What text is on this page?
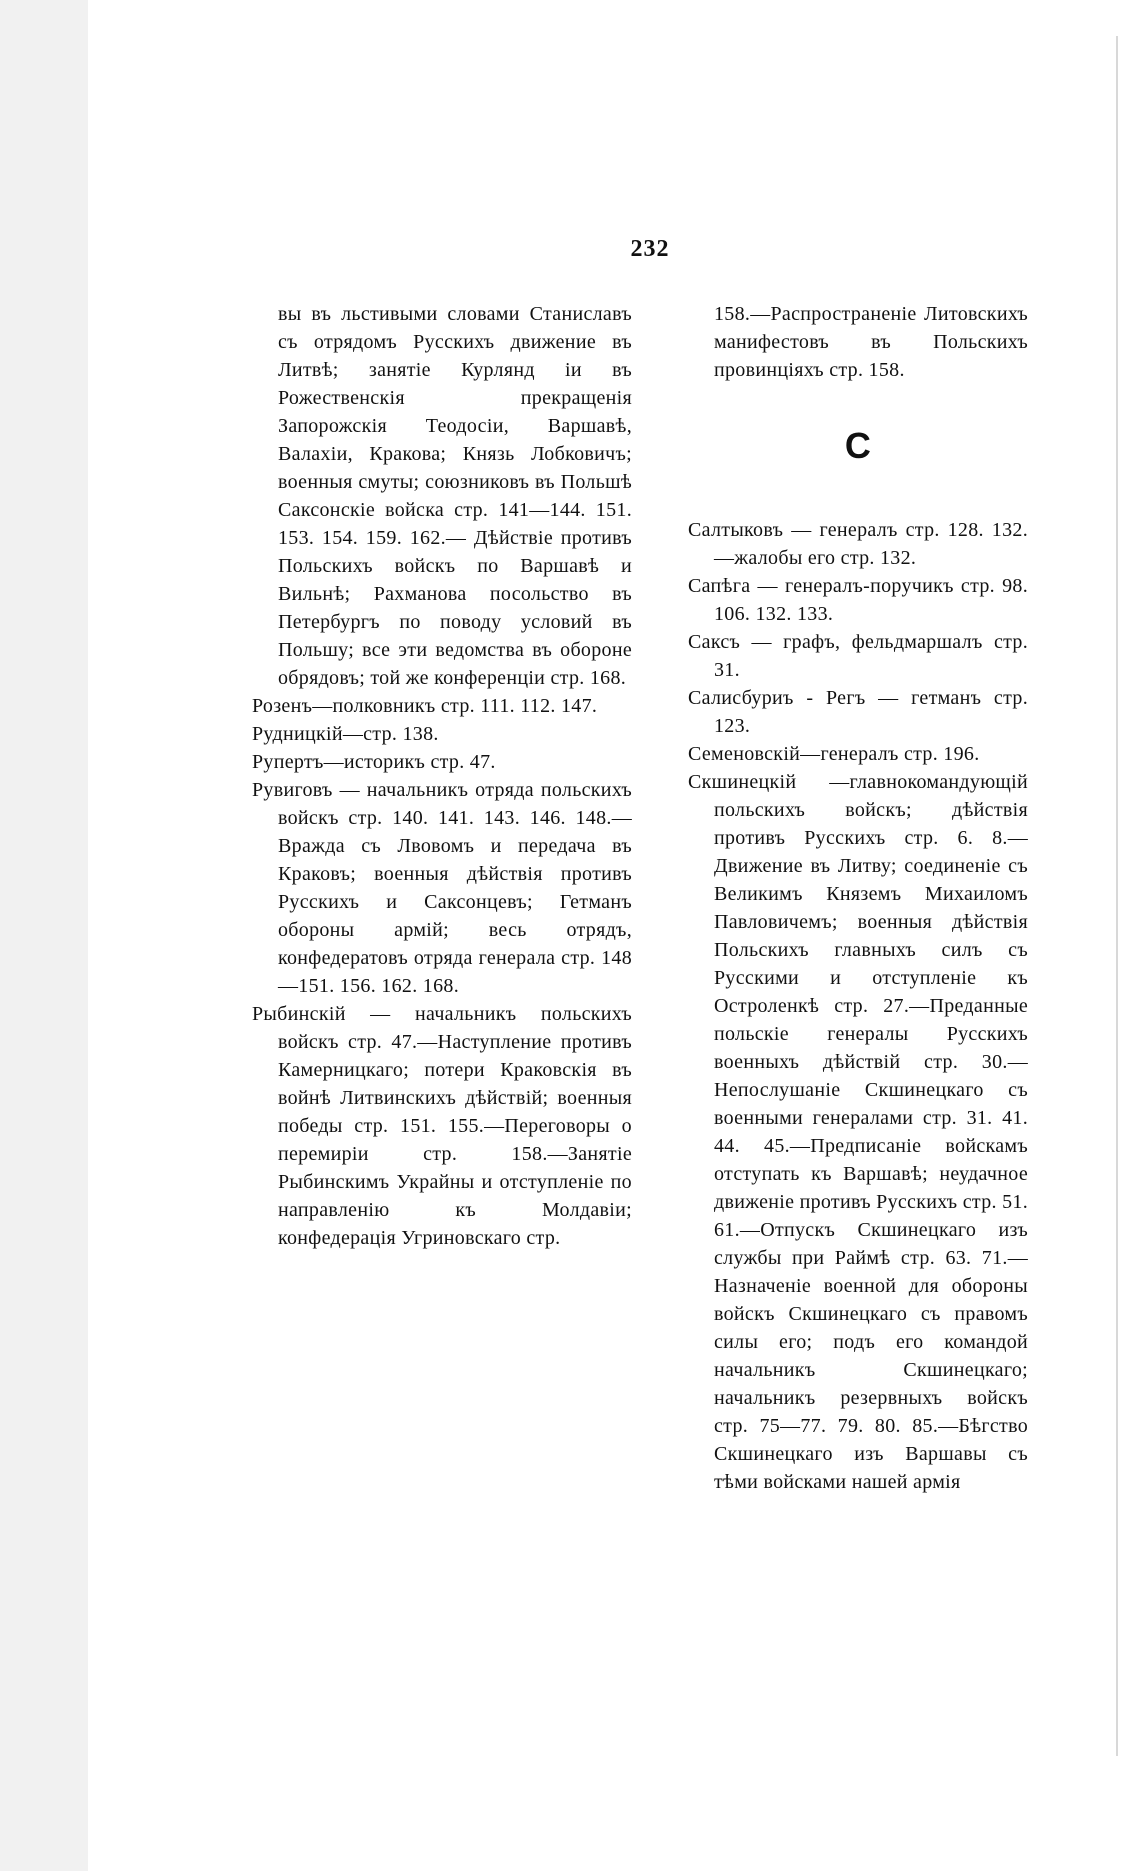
232
вы въ льстивыми словами Станиславъ съ отрядомъ Русскихъ движение въ Литвѣ; занятіе Курлянд іи въ Рожественскія прекращенія Запорожскія Теодосіи, Варшавѣ, Валахіи, Кракова; Князь Лобковичъ; военныя смуты; союзниковъ въ Польшѣ Саксонскіе войска стр. 141—144. 151. 153. 154. 159. 162.— Дѣйствіе противъ Польскихъ войскъ по Варшавѣ и Вильнѣ; Рахманова посольство въ Петербургъ по поводу условий въ Польшу; все эти ведомства въ обороне обрядовъ; той же конференціи стр. 168.
Розенъ—полковникъ стр. 111. 112. 147.
Рудницкій—стр. 138.
Рупертъ—историкъ стр. 47.
Рувиговъ — начальникъ отряда польскихъ войскъ стр. 140. 141. 143. 146. 148.—Вражда съ Лвовомъ и передача въ Краковъ; военныя дѣйствія противъ Русскихъ и Саксонцевъ; Гетманъ обороны армій; весь отрядъ, конфедератовъ отряда генерала стр. 148—151. 156. 162. 168.
Рыбинскій — начальникъ польскихъ войскъ стр. 47.—Наступление противъ Камерницкаго; потери Краковскія въ войнѣ Литвинскихъ дѣйствій; военныя победы стр. 151. 155.—Переговоры о перемиріи стр. 158.—Занятіе Рыбинскимъ Украйны и отступленіе по направленію къ Молдавіи; конфедерація Угриновскаго стр.
158.—Распространеніе Литовскихъ манифестовъ въ Польскихъ провинціяхъ стр. 158.
С
Салтыковъ — генералъ стр. 128. 132.—жалобы его стр. 132.
Сапѣга — генералъ-поручикъ стр. 98. 106. 132. 133.
Саксъ — графъ, фельдмаршалъ стр. 31.
Салисбуриъ - Регъ — гетманъ стр. 123.
Семеновскій—генералъ стр. 196.
Скшинецкій —главнокомандующій польскихъ войскъ; дѣйствія противъ Русскихъ стр. 6. 8.—Движение въ Литву; соединеніе съ Великимъ Княземъ Михаиломъ Павловичемъ; военныя дѣйствія Польскихъ главныхъ силъ съ Русскими и отступленіе къ Остроленкѣ стр. 27.—Преданные польскіе генералы Русскихъ военныхъ дѣйствій стр. 30.—Непослушаніе Скшинецкаго съ военными генералами стр. 31. 41. 44. 45.—Предписаніе войскамъ отступать къ Варшавѣ; неудачное движеніе противъ Русскихъ стр. 51. 61.—Отпускъ Скшинецкаго изъ службы при Раймѣ стр. 63. 71.—Назначеніе военной для обороны войскъ Скшинецкаго съ правомъ силы его; подъ его командой начальникъ Скшинецкаго; начальникъ резервныхъ войскъ стр. 75—77. 79. 80. 85.—Бѣгство Скшинецкаго изъ Варшавы съ тѣми войсками нашей армія
